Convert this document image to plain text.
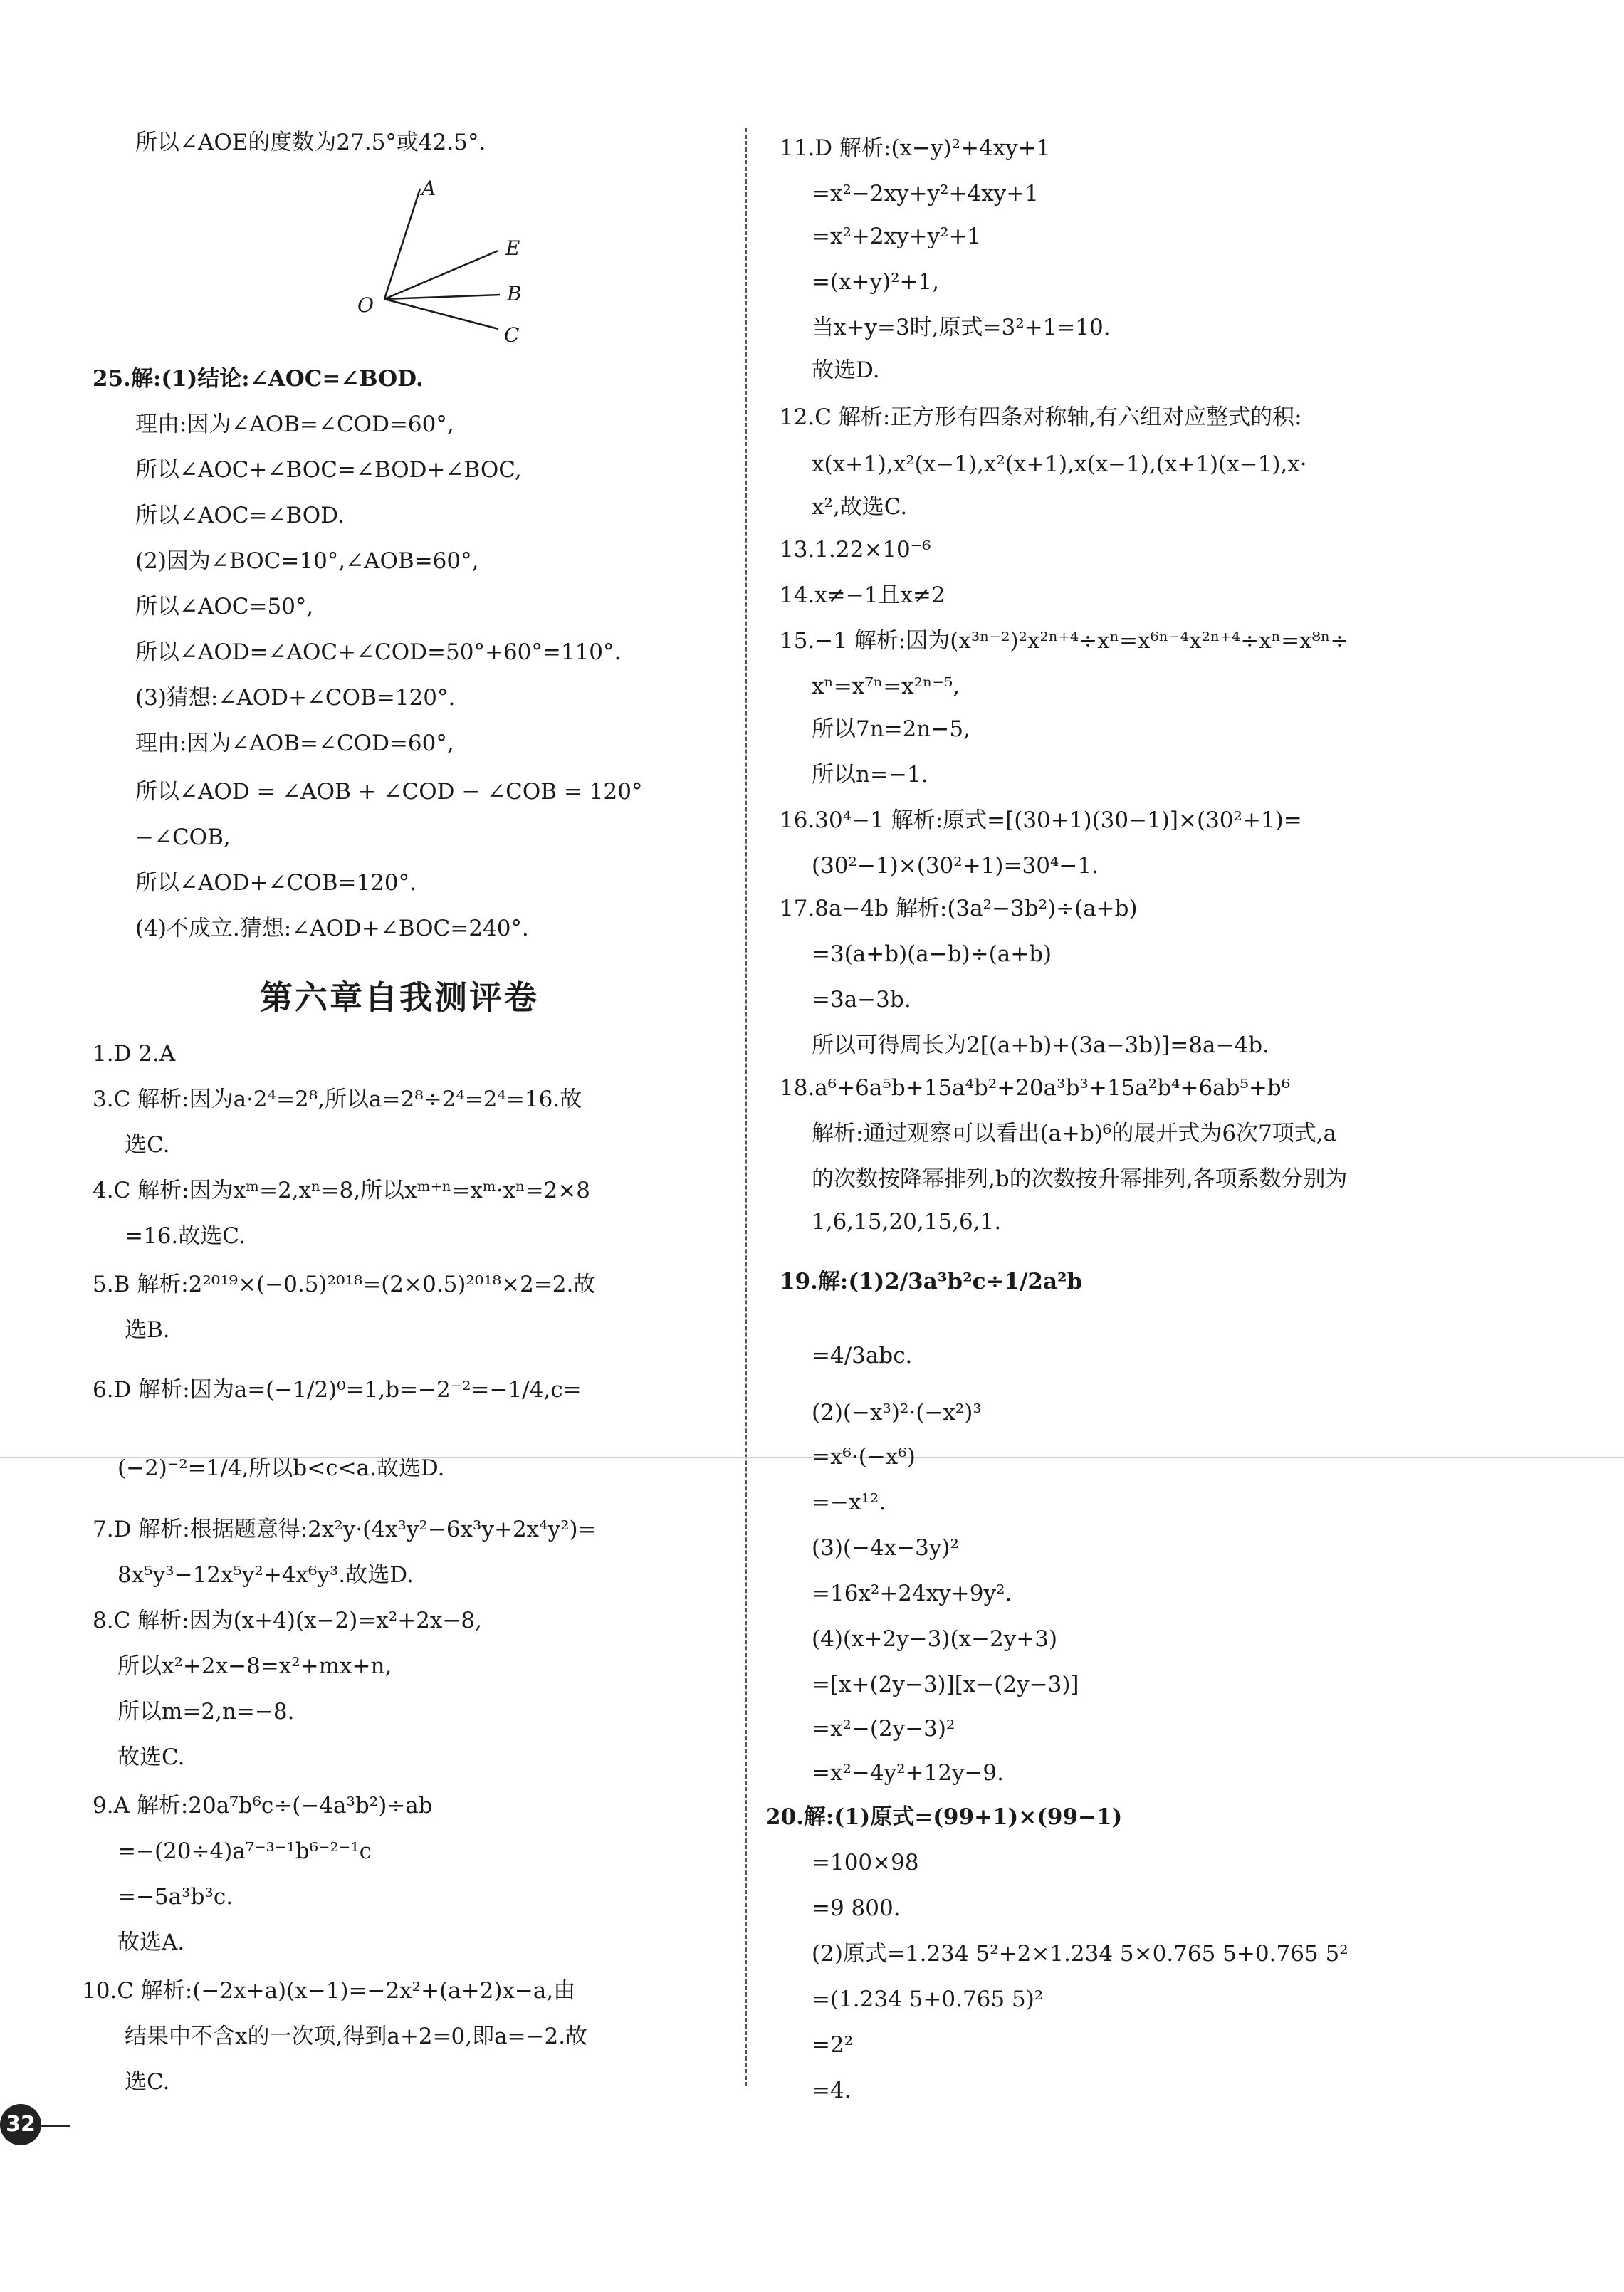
所以∠AOE的度数为27.5°或42.5°.
A
E
B
C
O
25.解:(1)结论:∠AOC=∠BOD.
理由:因为∠AOB=∠COD=60°,
所以∠AOC+∠BOC=∠BOD+∠BOC,
所以∠AOC=∠BOD.
(2)因为∠BOC=10°,∠AOB=60°,
所以∠AOC=50°,
所以∠AOD=∠AOC+∠COD=50°+60°=110°.
(3)猜想:∠AOD+∠COB=120°.
理由:因为∠AOB=∠COD=60°,
所以∠AOD = ∠AOB + ∠COD − ∠COB = 120°
−∠COB,
所以∠AOD+∠COB=120°.
(4)不成立.猜想:∠AOD+∠BOC=240°.
第六章自我测评卷
1.D 2.A
3.C 解析:因为a·2⁴=2⁸,所以a=2⁸÷2⁴=2⁴=16.故
选C.
4.C 解析:因为xᵐ=2,xⁿ=8,所以xᵐ⁺ⁿ=xᵐ·xⁿ=2×8
=16.故选C.
5.B 解析:2²⁰¹⁹×(−0.5)²⁰¹⁸=(2×0.5)²⁰¹⁸×2=2.故
选B.
6.D 解析:因为a=(−1/2)⁰=1,b=−2⁻²=−1/4,c=
(−2)⁻²=1/4,所以b<c<a.故选D.
7.D 解析:根据题意得:2x²y·(4x³y²−6x³y+2x⁴y²)=
8x⁵y³−12x⁵y²+4x⁶y³.故选D.
8.C 解析:因为(x+4)(x−2)=x²+2x−8,
所以x²+2x−8=x²+mx+n,
所以m=2,n=−8.
故选C.
9.A 解析:20a⁷b⁶c÷(−4a³b²)÷ab
=−(20÷4)a⁷⁻³⁻¹b⁶⁻²⁻¹c
=−5a³b³c.
故选A.
10.C 解析:(−2x+a)(x−1)=−2x²+(a+2)x−a,由
结果中不含x的一次项,得到a+2=0,即a=−2.故
选C.
11.D 解析:(x−y)²+4xy+1
=x²−2xy+y²+4xy+1
=x²+2xy+y²+1
=(x+y)²+1,
当x+y=3时,原式=3²+1=10.
故选D.
12.C 解析:正方形有四条对称轴,有六组对应整式的积:
x(x+1),x²(x−1),x²(x+1),x(x−1),(x+1)(x−1),x·
x²,故选C.
13.1.22×10⁻⁶
14.x≠−1且x≠2
15.−1 解析:因为(x³ⁿ⁻²)²x²ⁿ⁺⁴÷xⁿ=x⁶ⁿ⁻⁴x²ⁿ⁺⁴÷xⁿ=x⁸ⁿ÷
xⁿ=x⁷ⁿ=x²ⁿ⁻⁵,
所以7n=2n−5,
所以n=−1.
16.30⁴−1 解析:原式=[(30+1)(30−1)]×(30²+1)=
(30²−1)×(30²+1)=30⁴−1.
17.8a−4b 解析:(3a²−3b²)÷(a+b)
=3(a+b)(a−b)÷(a+b)
=3a−3b.
所以可得周长为2[(a+b)+(3a−3b)]=8a−4b.
18.a⁶+6a⁵b+15a⁴b²+20a³b³+15a²b⁴+6ab⁵+b⁶
解析:通过观察可以看出(a+b)⁶的展开式为6次7项式,a
的次数按降幂排列,b的次数按升幂排列,各项系数分别为
1,6,15,20,15,6,1.
19.解:(1)2/3a³b²c÷1/2a²b
=4/3abc.
(2)(−x³)²·(−x²)³
=x⁶·(−x⁶)
=−x¹².
(3)(−4x−3y)²
=16x²+24xy+9y².
(4)(x+2y−3)(x−2y+3)
=[x+(2y−3)][x−(2y−3)]
=x²−(2y−3)²
=x²−4y²+12y−9.
20.解:(1)原式=(99+1)×(99−1)
=100×98
=9 800.
(2)原式=1.234 5²+2×1.234 5×0.765 5+0.765 5²
=(1.234 5+0.765 5)²
=2²
=4.
32
